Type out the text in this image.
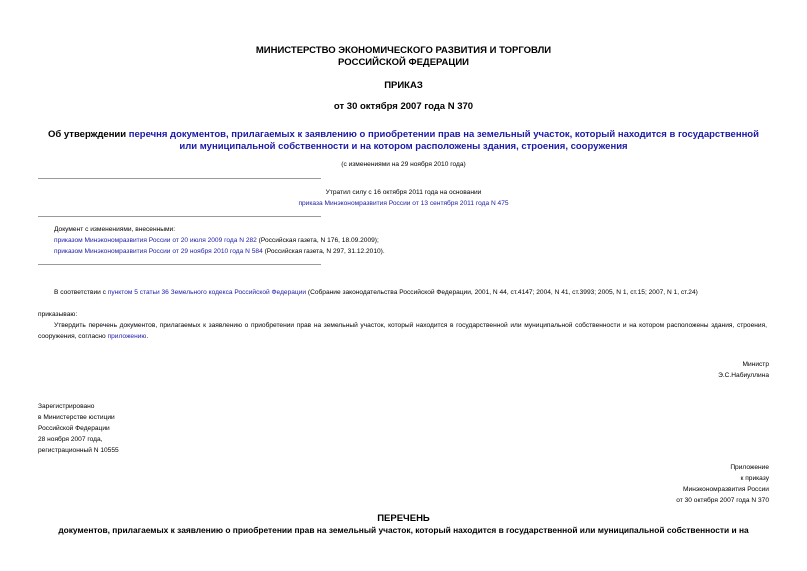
МИНИСТЕРСТВО ЭКОНОМИЧЕСКОГО РАЗВИТИЯ И ТОРГОВЛИ
РОССИЙСКОЙ ФЕДЕРАЦИИ
ПРИКАЗ
от 30 октября 2007 года N 370
Об утверждении перечня документов, прилагаемых к заявлению о приобретении прав на земельный участок, который находится в государственной или муниципальной собственности и на котором расположены здания, строения, сооружения
(с изменениями на 29 ноября 2010 года)
Утратил силу с 16 октября 2011 года на основании
приказа Минэкономразвития России от 13 сентября 2011 года N 475
Документ с изменениями, внесенными:
приказом Минэкономразвития России от 20 июля 2009 года N 282 (Российская газета, N 176, 18.09.2009);
приказом Минэкономразвития России от 29 ноября 2010 года N 584 (Российская газета, N 297, 31.12.2010).
В соответствии с пунктом 5 статьи 36 Земельного кодекса Российской Федерации (Собрание законодательства Российской Федерации, 2001, N 44, ст.4147; 2004, N 41, ст.3993; 2005, N 1, ст.15; 2007, N 1, ст.24)
приказываю:
Утвердить перечень документов, прилагаемых к заявлению о приобретении прав на земельный участок, который находится в государственной или муниципальной собственности и на котором расположены здания, строения, сооружения, согласно приложению.
Министр
Э.С.Набиуллина
Зарегистрировано
в Министерстве юстиции
Российской Федерации
28 ноября 2007 года,
регистрационный N 10555
Приложение
к приказу
Минэкономразвития России
от 30 октября 2007 года N 370
ПЕРЕЧЕНЬ
документов, прилагаемых к заявлению о приобретении прав на земельный участок, который находится в государственной или муниципальной собственности и на
